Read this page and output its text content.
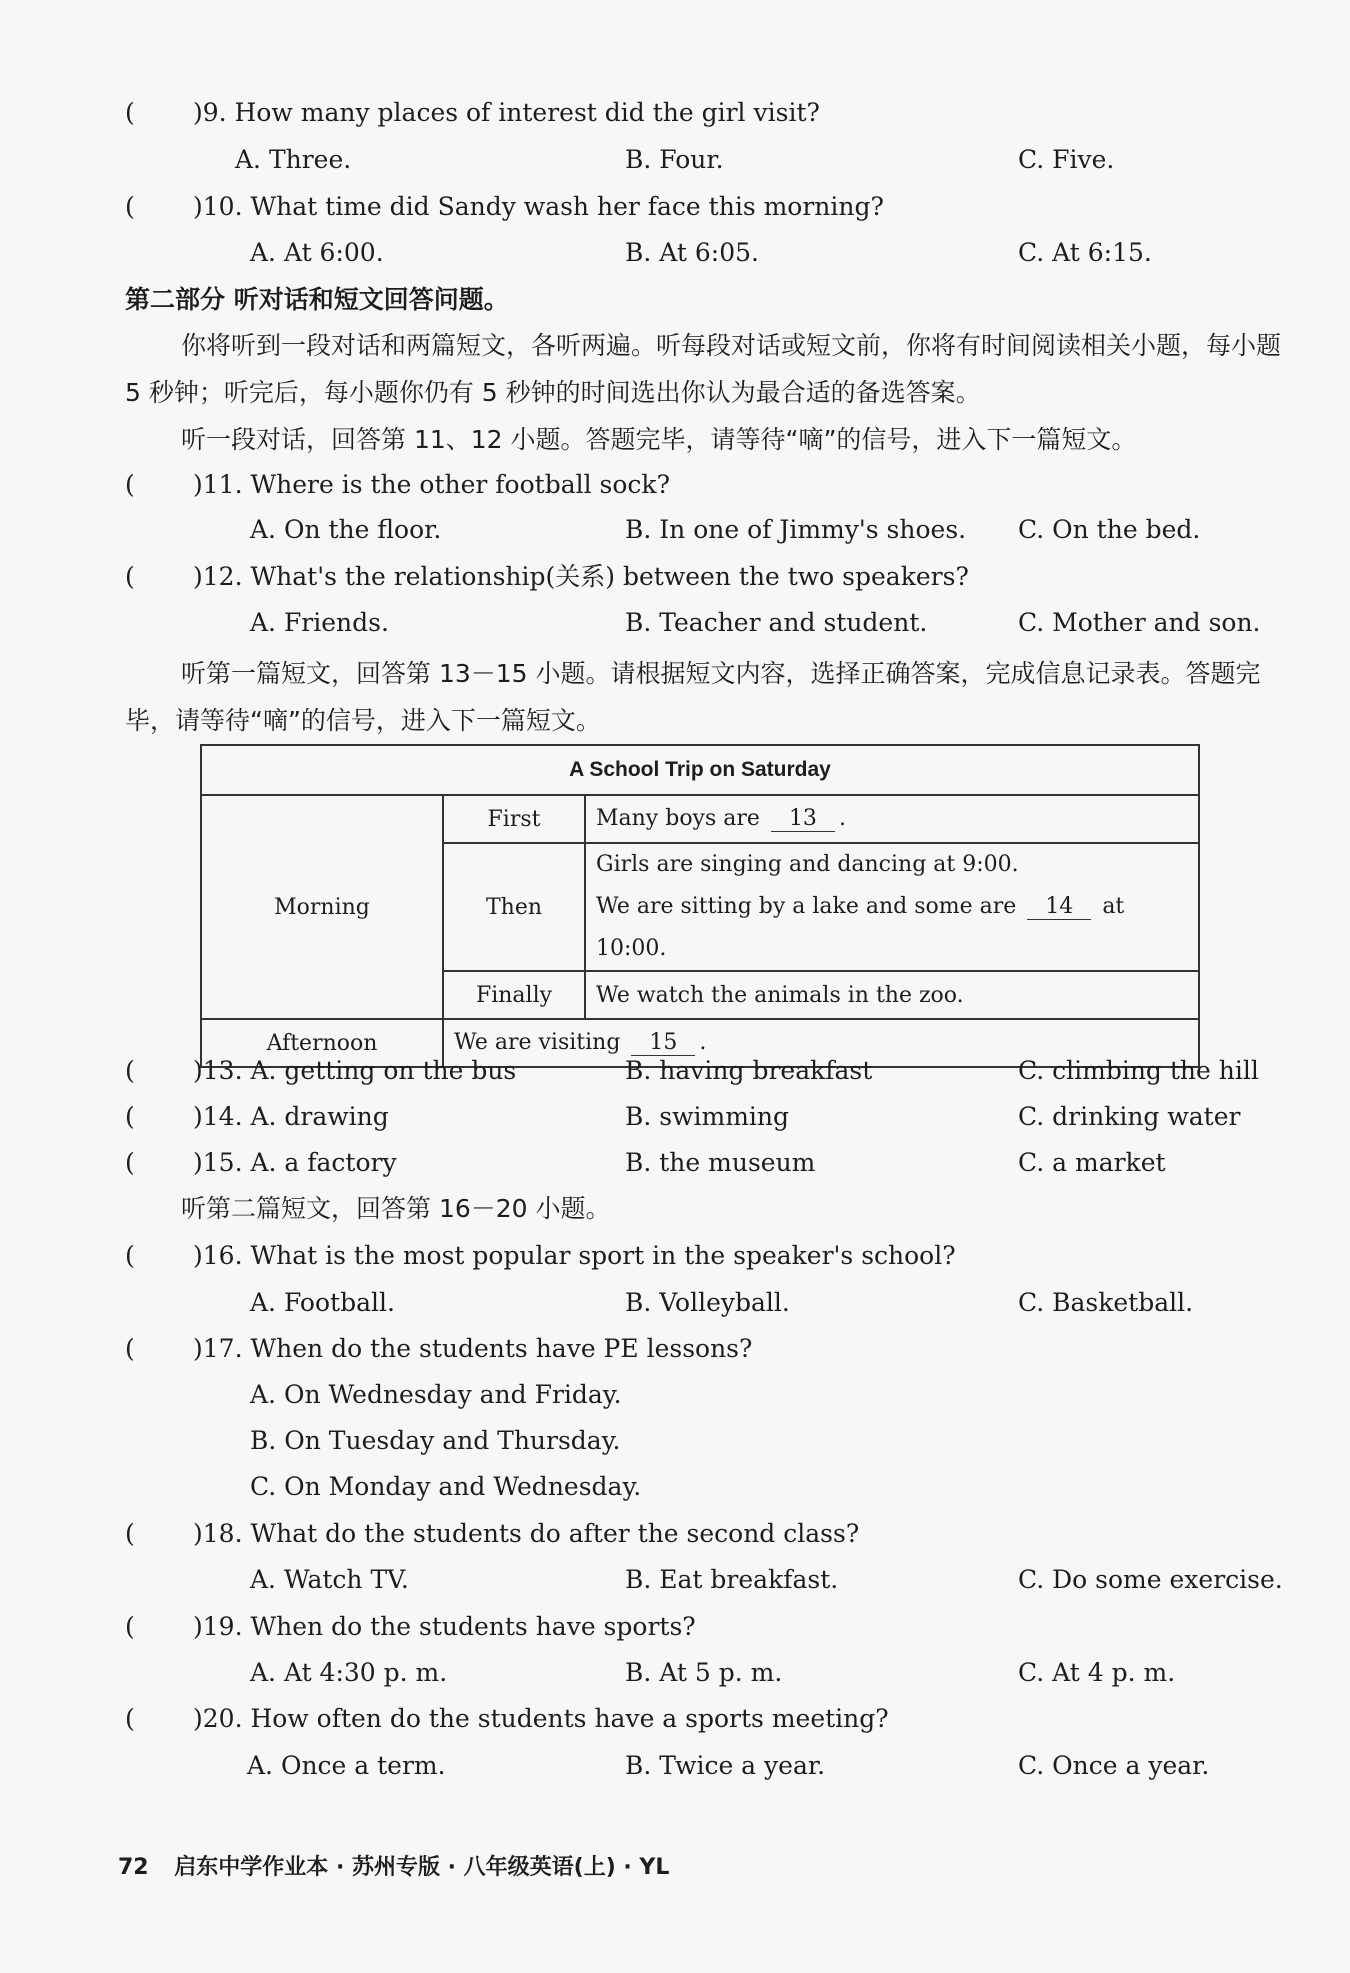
( )9. How many places of interest did the girl visit?
A. Three.	B. Four.	C. Five.
( )10. What time did Sandy wash her face this morning?
A. At 6:00.	B. At 6:05.	C. At 6:15.
第二部分 听对话和短文回答问题。
你将听到一段对话和两篇短文，各听两遍。听每段对话或短文前，你将有时间阅读相关小题，每小题 5 秒钟；听完后，每小题你仍有 5 秒钟的时间选出你认为最合适的备选答案。
听一段对话，回答第 11、12 小题。答题完毕，请等待“嘀”的信号，进入下一篇短文。
( )11. Where is the other football sock?
A. On the floor.	B. In one of Jimmy's shoes. C. On the bed.
( )12. What's the relationship(关系) between the two speakers?
A. Friends.	B. Teacher and student.	C. Mother and son.
听第一篇短文，回答第 13－15 小题。请根据短文内容，选择正确答案，完成信息记录表。答题完毕，请等待“嘀”的信号，进入下一篇短文。
A School Trip on Saturday		
Morning	First	Many boys are 13 .
	Then	Girls are singing and dancing at 9:00.
We are sitting by a lake and some are 14 at 10:00.

	Finally	We watch the animals in the zoo.
Afternoon	We are visiting 15 .	
( )13. A. getting on the bus	B. having breakfast	C. climbing the hill
( )14. A. drawing	B. swimming	C. drinking water
( )15. A. a factory	B. the museum	C. a market
听第二篇短文，回答第 16－20 小题。
( )16. What is the most popular sport in the speaker's school?
A. Football.	B. Volleyball.	C. Basketball.
( )17. When do the students have PE lessons?
A. On Wednesday and Friday.
B. On Tuesday and Thursday.
C. On Monday and Wednesday.
( )18. What do the students do after the second class?
A. Watch TV.	B. Eat breakfast.	C. Do some exercise.
( )19. When do the students have sports?
A. At 4:30 p. m.	B. At 5 p. m.	C. At 4 p. m.
( )20. How often do the students have a sports meeting?
A. Once a term.	B. Twice a year.	C. Once a year.
72 启东中学作业本 · 苏州专版 · 八年级英语(上) · YL
